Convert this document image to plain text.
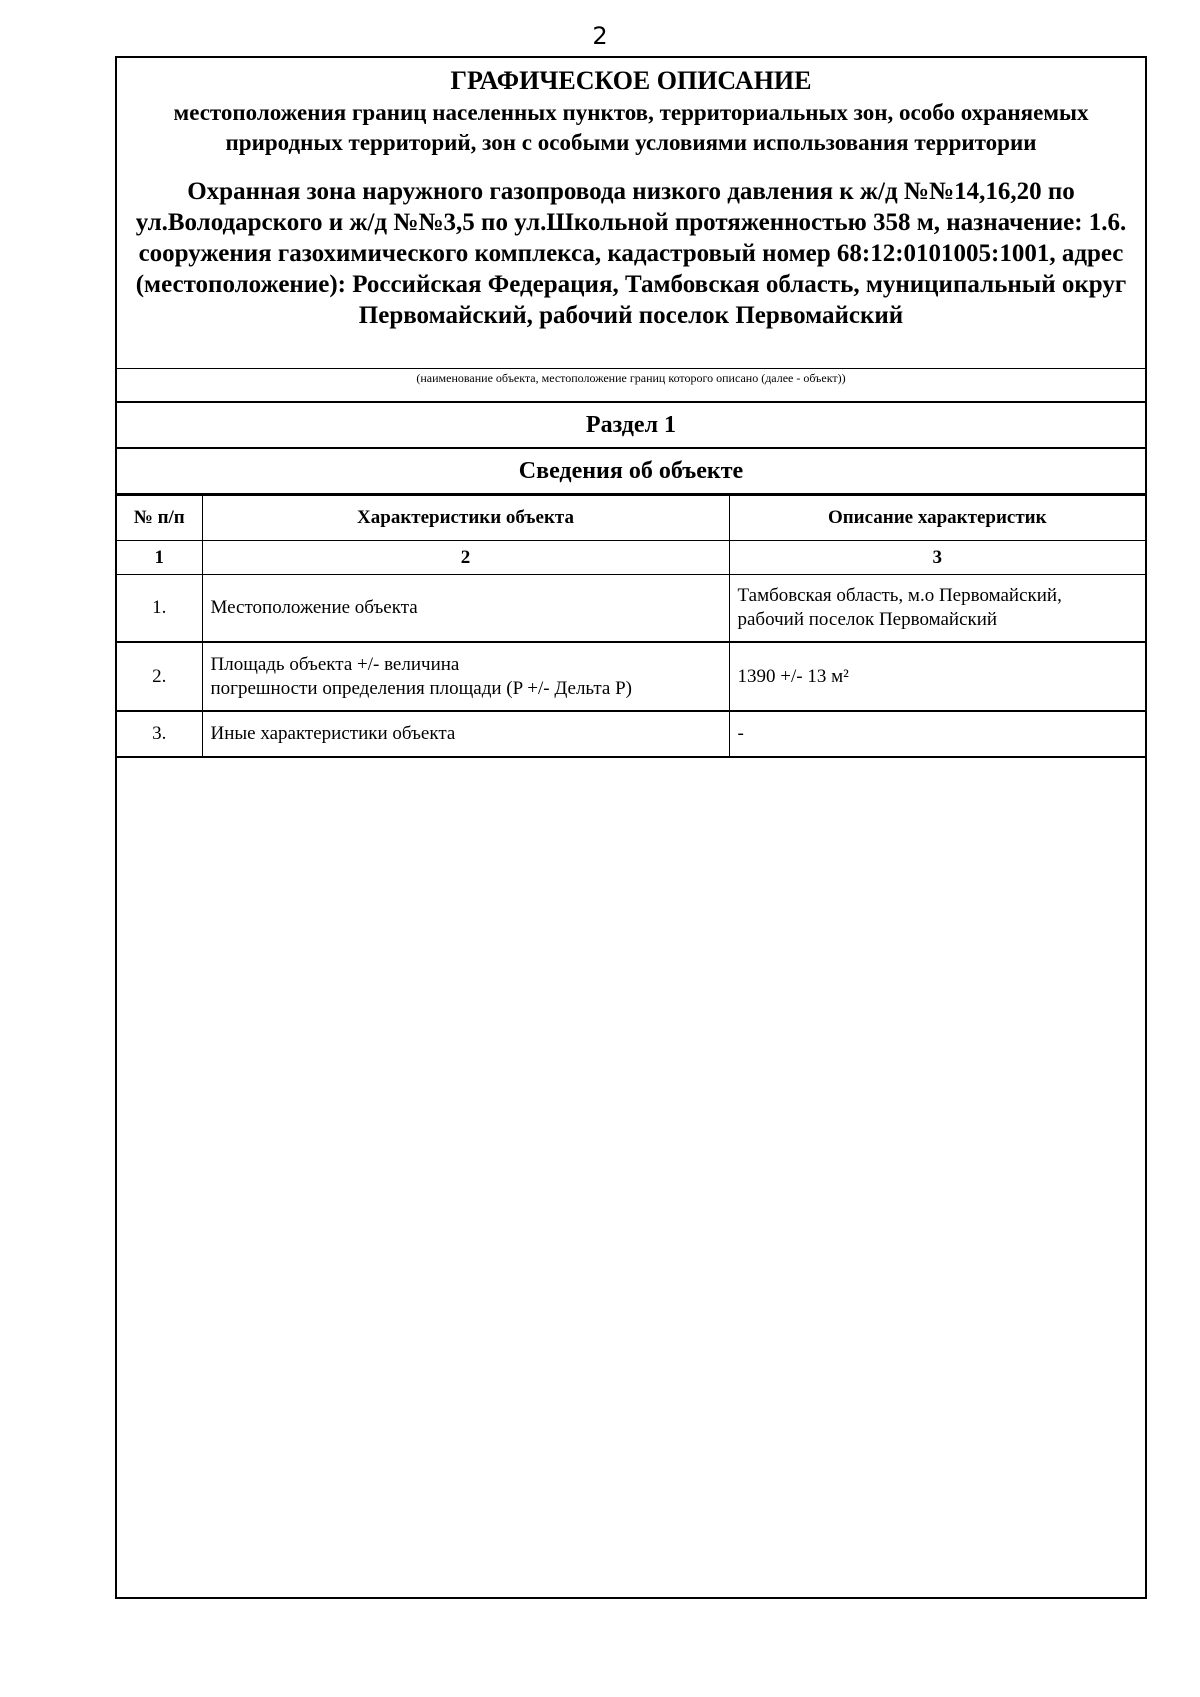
2
ГРАФИЧЕСКОЕ ОПИСАНИЕ
местоположения границ населенных пунктов, территориальных зон, особо охраняемых природных территорий, зон с особыми условиями использования территории
Охранная зона наружного газопровода низкого давления к ж/д №№14,16,20 по ул.Володарского и ж/д №№3,5 по ул.Школьной протяженностью 358 м, назначение: 1.6. сооружения газохимического комплекса, кадастровый номер 68:12:0101005:1001, адрес (местоположение): Российская Федерация, Тамбовская область, муниципальный округ Первомайский, рабочий поселок Первомайский
(наименование объекта, местоположение границ которого описано (далее - объект))
Раздел 1
Сведения об объекте
№ п/п	Характеристики объекта	Описание характеристик
1	2	3
1.	Местоположение объекта	Тамбовская область, м.о Первомайский,
рабочий поселок Первомайский
2.	Площадь объекта +/- величина
погрешности определения площади (P +/- Дельта P)	1390 +/- 13 м²
3.	Иные характеристики объекта	-
